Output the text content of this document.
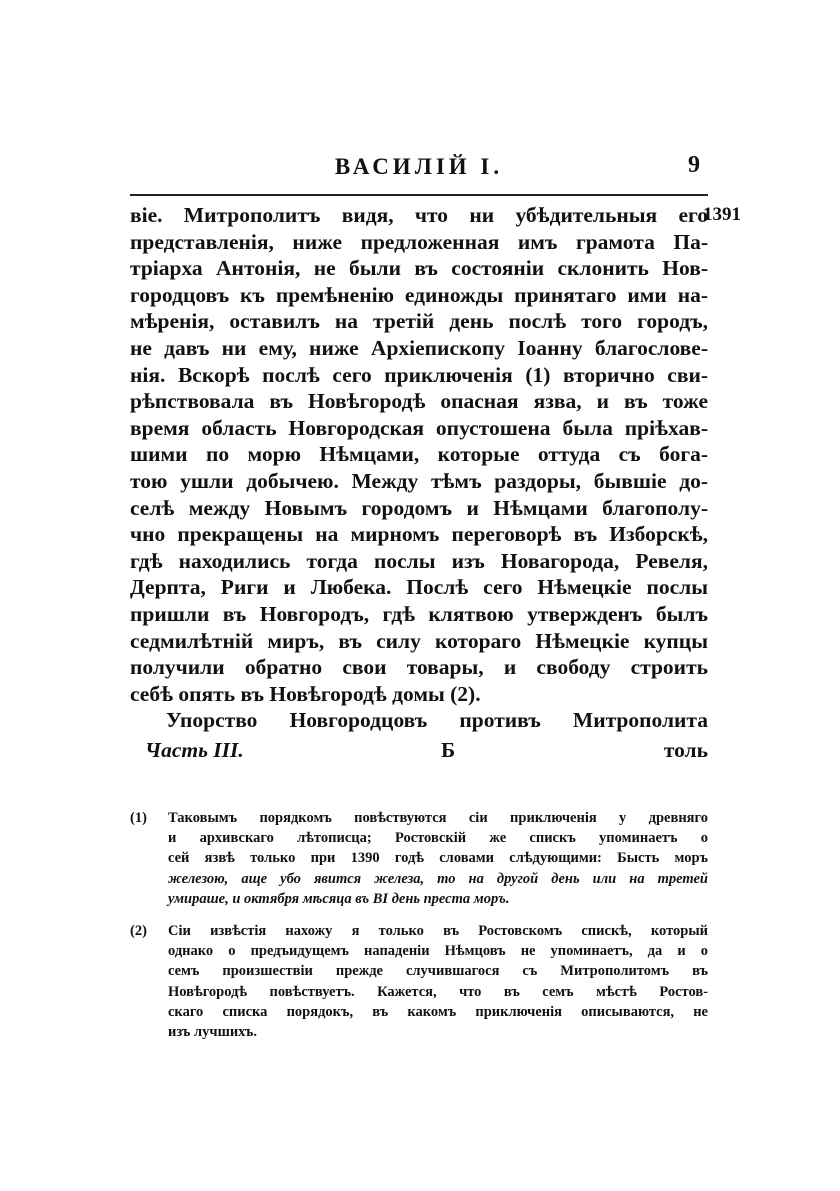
ВАСИЛІЙ І.	9
1391
віе. Митрополитъ видя, что ни убѣдительныя его
представленія, ниже предложенная имъ грамота Па-
тріарха Антонія, не были въ состояніи склонить Нов-
городцовъ къ премѣненію единожды принятаго ими на-
мѣренія, оставилъ на третій день послѣ того городъ,
не давъ ни ему, ниже Архіепископу Іоанну благослове-
нія. Вскорѣ послѣ сего приключенія (1) вторично сви-
рѣпствовала въ Новѣгородѣ опасная язва, и въ тоже
время область Новгородская опустошена была пріѣхав-
шими по морю Нѣмцами, которые оттуда съ бога-
тою ушли добычею. Между тѣмъ раздоры, бывшіе до-
селѣ между Новымъ городомъ и Нѣмцами благополу-
чно прекращены на мирномъ переговорѣ въ Изборскѣ,
гдѣ находились тогда послы изъ Новагорода, Ревеля,
Дерпта, Риги и Любека. Послѣ сего Нѣмецкіе послы
пришли въ Новгородъ, гдѣ клятвою утвержденъ былъ
седмилѣтній миръ, въ силу котораго Нѣмецкіе купцы
получили обратно свои товары, и свободу строить
себѣ опять въ Новѣгородѣ домы (2).
Упорство Новгородцовъ противъ Митрополита
Часть III.	Б	толь
(1) Таковымъ порядкомъ повѣствуются сіи приключенія у древняго
и архивскаго лѣтописца; Ростовскій же спискъ упоминаетъ о
сей язвѣ только при 1390 годѣ словами слѣдующими: Бысть моръ
железою, аще убо явится железа, то на другой день или на третей
умираше, и октября мѣсяца въ ВI день преста моръ.
(2) Сіи извѣстія нахожу я только въ Ростовскомъ спискѣ, который
однако о предъидущемъ нападеніи Нѣмцовъ не упоминаетъ, да и о
семъ произшествіи прежде случившагося съ Митрополитомъ въ
Новѣгородѣ повѣствуетъ. Кажется, что въ семъ мѣстѣ Ростов-
скаго списка порядокъ, въ какомъ приключенія описываются, не
изъ лучшихъ.
